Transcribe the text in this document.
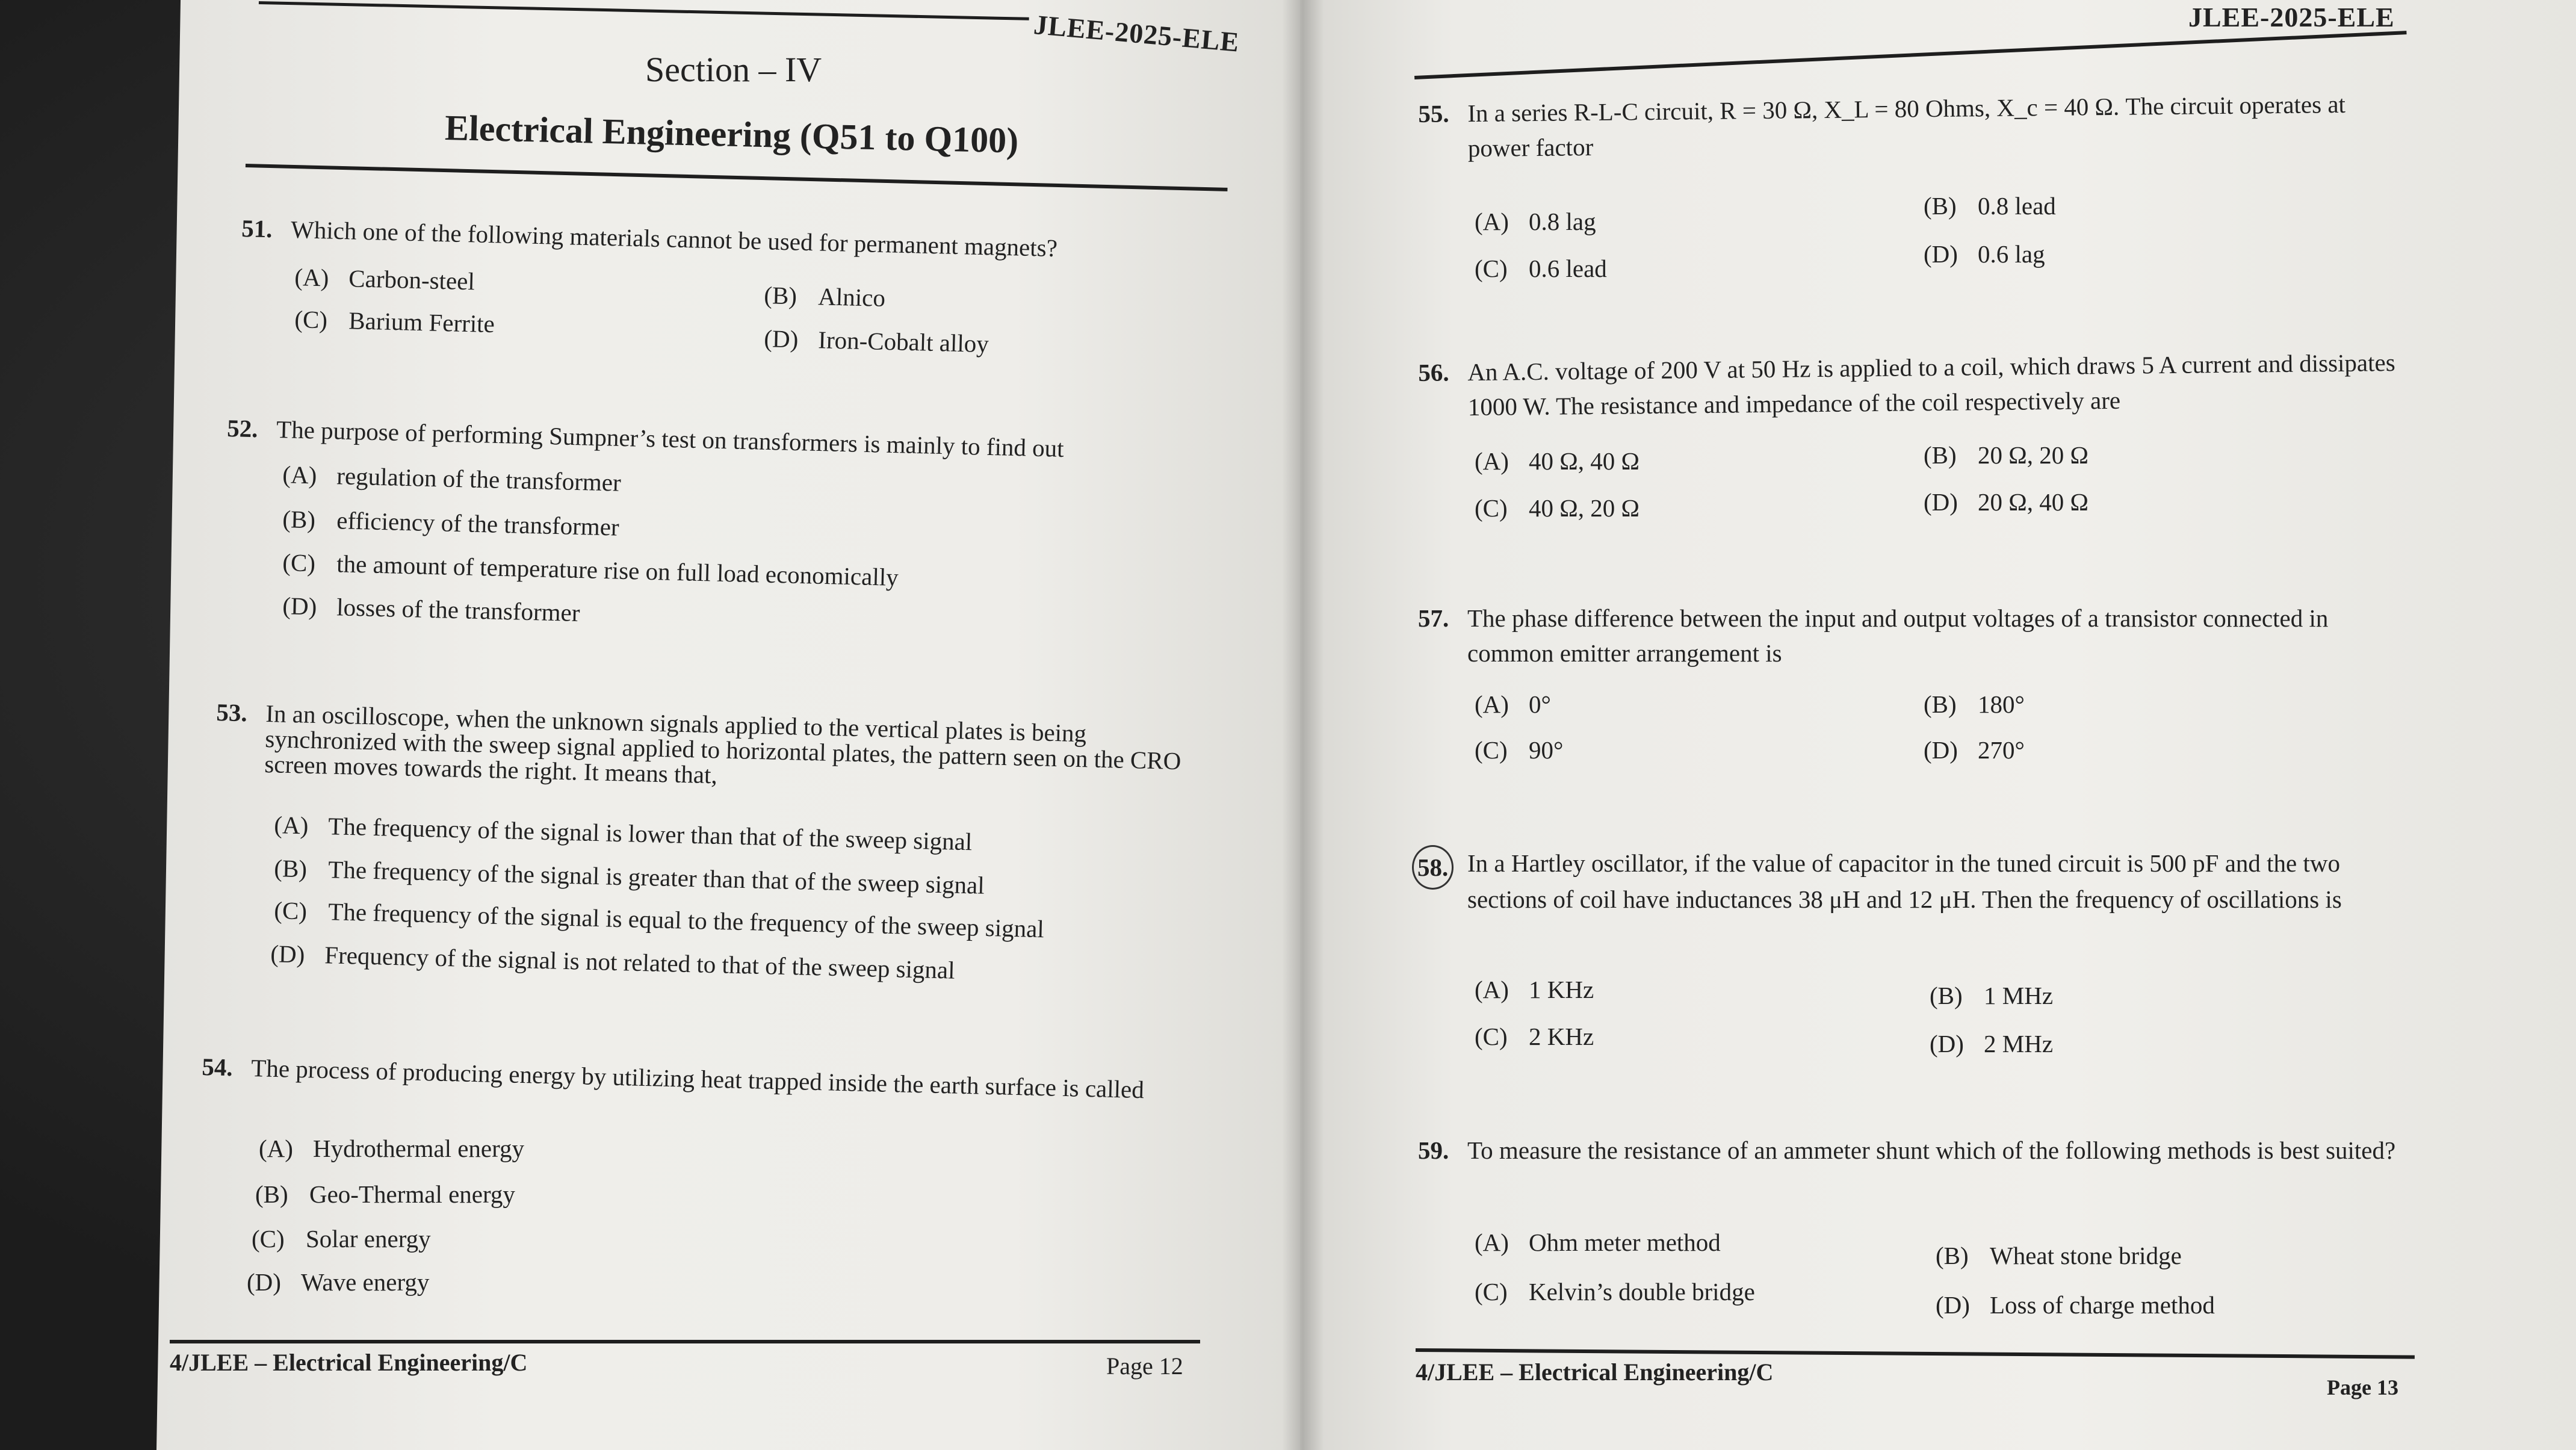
JLEE-2025-ELE
Section – IV
Electrical Engineering (Q51 to Q100)
51. Which one of the following materials cannot be used for permanent magnets?
(A) Carbon-steel
(B) Alnico
(C) Barium Ferrite
(D) Iron-Cobalt alloy
52. The purpose of performing Sumpner’s test on transformers is mainly to find out
(A) regulation of the transformer
(B) efficiency of the transformer
(C) the amount of temperature rise on full load economically
(D) losses of the transformer
53. In an oscilloscope, when the unknown signals applied to the vertical plates is being synchronized with the sweep signal applied to horizontal plates, the pattern seen on the CRO screen moves towards the right. It means that,
(A) The frequency of the signal is lower than that of the sweep signal
(B) The frequency of the signal is greater than that of the sweep signal
(C) The frequency of the signal is equal to the frequency of the sweep signal
(D) Frequency of the signal is not related to that of the sweep signal
54. The process of producing energy by utilizing heat trapped inside the earth surface is called
(A) Hydrothermal energy
(B) Geo-Thermal energy
(C) Solar energy
(D) Wave energy
4/JLEE – Electrical Engineering/C	Page 12
JLEE-2025-ELE
55. In a series R-L-C circuit, R = 30 Ω, X_L = 80 Ohms, X_c = 40 Ω. The circuit operates at power factor
(A) 0.8 lag
(B) 0.8 lead
(C) 0.6 lead
(D) 0.6 lag
56. An A.C. voltage of 200 V at 50 Hz is applied to a coil, which draws 5 A current and dissipates 1000 W. The resistance and impedance of the coil respectively are
(A) 40 Ω, 40 Ω	(B) 20 Ω, 20 Ω
(C) 40 Ω, 20 Ω	(D) 20 Ω, 40 Ω
57. The phase difference between the input and output voltages of a transistor connected in common emitter arrangement is
(A) 0°	(B) 180°
(C) 90°	(D) 270°
58. In a Hartley oscillator, if the value of capacitor in the tuned circuit is 500 pF and the two sections of coil have inductances 38 μH and 12 μH. Then the frequency of oscillations is
(A) 1 KHz	(B) 1 MHz
(C) 2 KHz	(D) 2 MHz
59. To measure the resistance of an ammeter shunt which of the following methods is best suited?
(A) Ohm meter method	(B) Wheat stone bridge
(C) Kelvin’s double bridge	(D) Loss of charge method
4/JLEE – Electrical Engineering/C
Page 13
